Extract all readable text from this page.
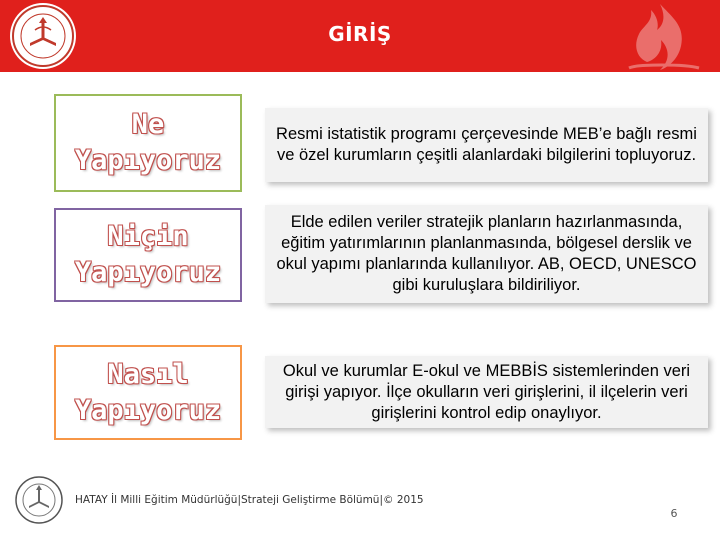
GİRİŞ
Ne
Yapıyoruz
Resmi istatistik programı çerçevesinde MEB’e bağlı resmi ve özel kurumların çeşitli alanlardaki bilgilerini topluyoruz.
Niçin
Yapıyoruz
Elde edilen veriler stratejik planların hazırlanmasında, eğitim yatırımlarının planlanmasında, bölgesel derslik ve okul yapımı planlarında kullanılıyor. AB, OECD, UNESCO gibi kuruluşlara bildiriliyor.
Nasıl
Yapıyoruz
Okul ve kurumlar E-okul ve MEBBİS sistemlerinden veri girişi yapıyor. İlçe okulların veri girişlerini, il ilçelerin veri girişlerini kontrol edip onaylıyor.
HATAY İl Milli Eğitim Müdürlüğü|Strateji Geliştirme Bölümü|© 2015
6
